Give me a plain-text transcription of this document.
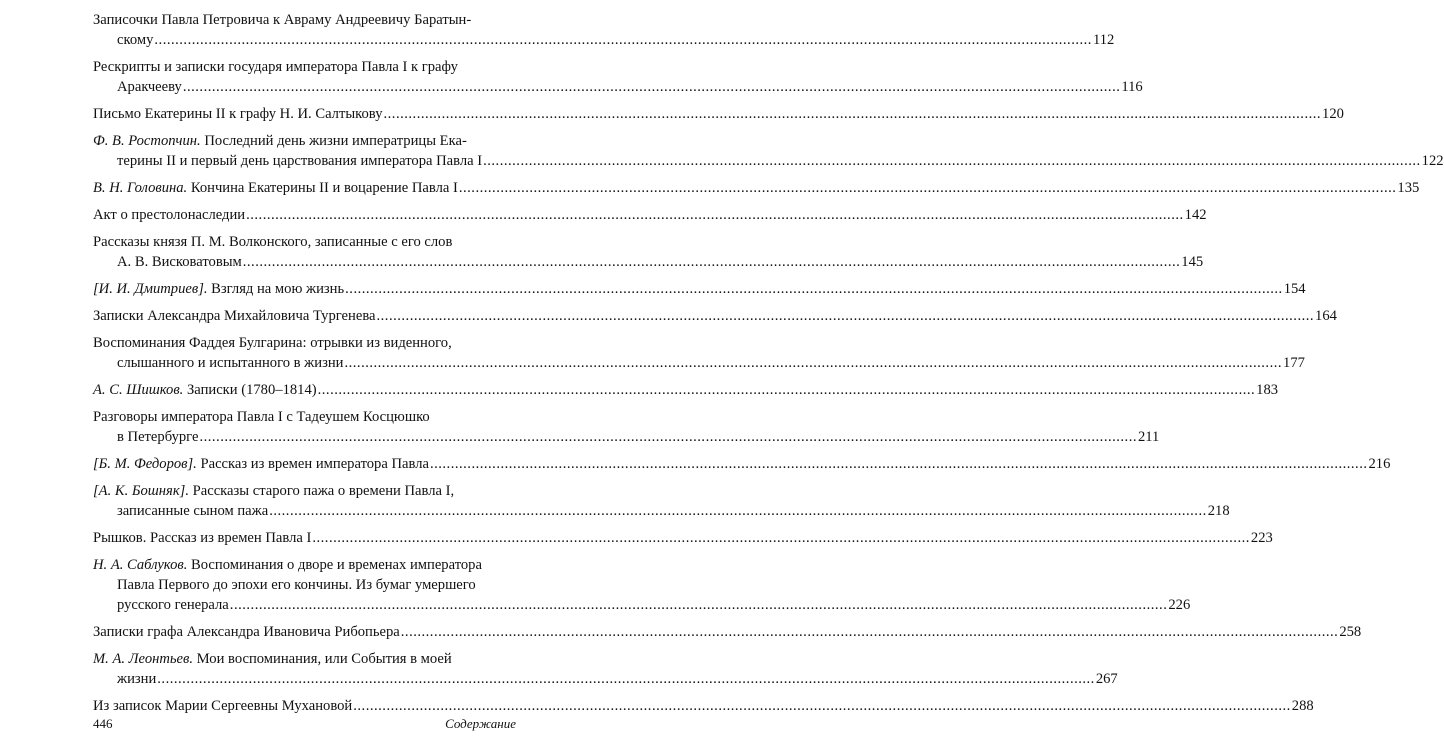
Записочки Павла Петровича к Авраму Андреевичу Баратын-
скому .....	112
Рескрипты и записки государя императора Павла I к графу
Аракчееву .....	116
Письмо Екатерины II к графу Н. И. Салтыкову .....	120
Ф. В. Ростопчин. Последний день жизни императрицы Ека-
терины II и первый день царствования императора Павла I .....	122
В. Н. Головина. Кончина Екатерины II и воцарение Павла I .....	135
Акт о престолонаследии .....	142
Рассказы князя П. М. Волконского, записанные с его слов
А. В. Висковатовым .....	145
[И. И. Дмитриев]. Взгляд на мою жизнь .....	154
Записки Александра Михайловича Тургенева .....	164
Воспоминания Фаддея Булгарина: отрывки из виденного,
слышанного и испытанного в жизни .....	177
А. С. Шишков. Записки (1780–1814) .....	183
Разговоры императора Павла I с Тадеушем Косцюшко
в Петербурге .....	211
[Б. М. Федоров]. Рассказ из времен императора Павла .....	216
[А. К. Бошняк]. Рассказы старого пажа о времени Павла I,
записанные сыном пажа .....	218
Рышков. Рассказ из времен Павла I .....	223
Н. А. Саблуков. Воспоминания о дворе и временах императора
Павла Первого до эпохи его кончины. Из бумаг умершего
русского генерала .....	226
Записки графа Александра Ивановича Рибопьера .....	258
М. А. Леонтьев. Мои воспоминания, или События в моей
жизни .....	267
Из записок Марии Сергеевны Мухановой .....	288
446	Содержание
